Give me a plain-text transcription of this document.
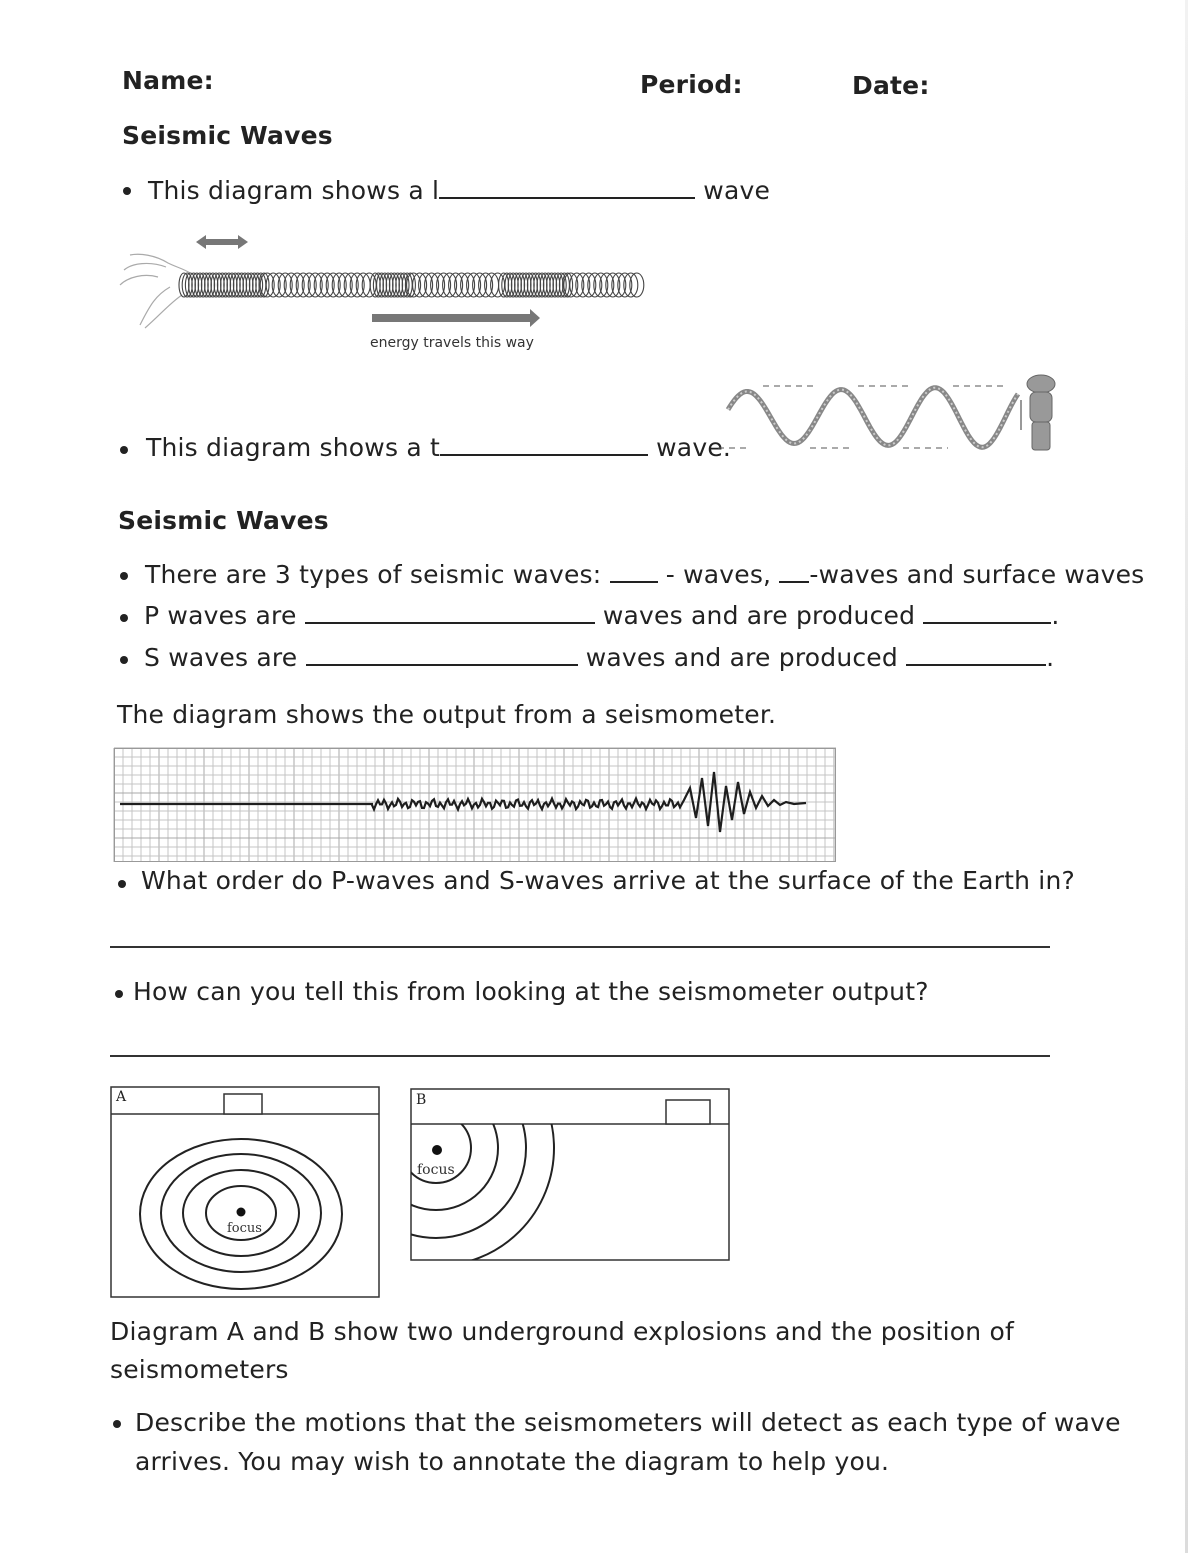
Name:	Period:	Date:
Seismic Waves
This diagram shows a l	wave
energy travels this way
This diagram shows a t	wave.
Seismic Waves
There are 3 types of seismic waves:	- waves, -waves and surface waves
P waves are	waves and are produced	.
S waves are	waves and are produced	.
The diagram shows the output from a seismometer.
What order do P-waves and S-waves arrive at the surface of the Earth in?
How can you tell this from looking at the seismometer output?
A
focus
B
focus
Diagram A and B show two underground explosions and the position of
seismometers
Describe the motions that the seismometers will detect as each type of wave
arrives. You may wish to annotate the diagram to help you.
